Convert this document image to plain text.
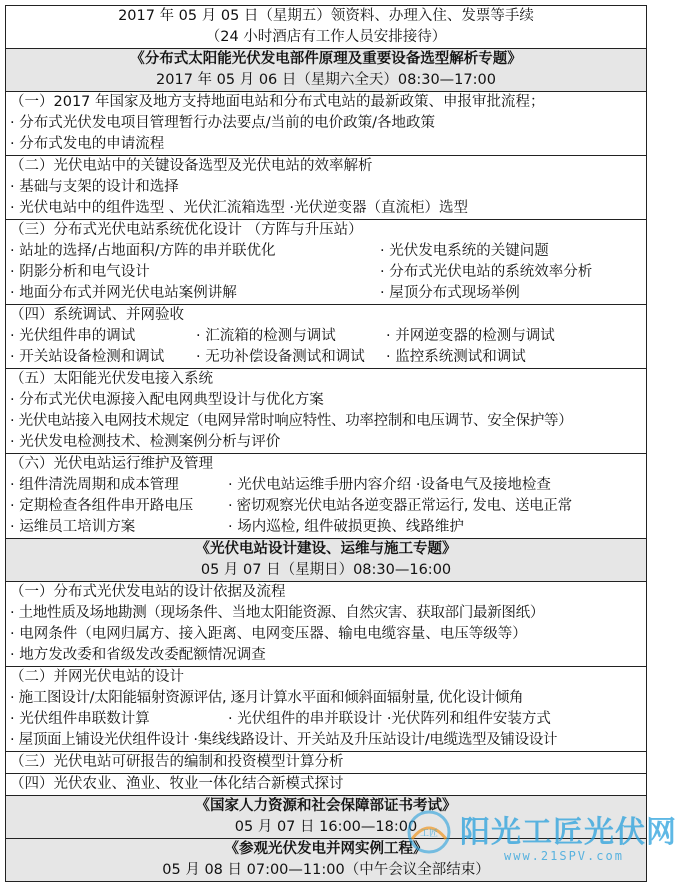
2017 年 05 月 05 日（星期五）领资料、办理入住、发票等手续
（24 小时酒店有工作人员安排接待）
《分布式太阳能光伏发电部件原理及重要设备选型解析专题》
2017 年 05 月 06 日（星期六全天）08:30—17:00
（一）2017 年国家及地方支持地面电站和分布式电站的最新政策、申报审批流程；
· 分布式光伏发电项目管理暂行办法要点/当前的电价政策/各地政策
· 分布式发电的申请流程
（二）光伏电站中的关键设备选型及光伏电站的效率解析
· 基础与支架的设计和选择
· 光伏电站中的组件选型 、光伏汇流箱选型 ·光伏逆变器（直流柜）选型
（三）分布式光伏电站系统优化设计 （方阵与升压站）
· 站址的选择/占地面积/方阵的串并联优化	· 光伏发电系统的关键问题
· 阴影分析和电气设计	· 分布式光伏电站的系统效率分析
· 地面分布式并网光伏电站案例讲解	· 屋顶分布式现场举例
（四）系统调试、并网验收
· 光伏组件串的调试	· 汇流箱的检测与调试	· 并网逆变器的检测与调试
· 开关站设备检测和调试	· 无功补偿设备测试和调试	· 监控系统测试和调试
（五）太阳能光伏发电接入系统
· 分布式光伏电源接入配电网典型设计与优化方案
· 光伏电站接入电网技术规定（电网异常时响应特性、功率控制和电压调节、安全保护等）
· 光伏发电检测技术、检测案例分析与评价
（六）光伏电站运行维护及管理
· 组件清洗周期和成本管理	· 光伏电站运维手册内容介绍 ·设备电气及接地检查
· 定期检查各组件串开路电压	· 密切观察光伏电站各逆变器正常运行, 发电、送电正常
· 运维员工培训方案	· 场内巡检, 组件破损更换、线路维护
《光伏电站设计建设、运维与施工专题》
05 月 07 日（星期日）08:30—16:00
（一）分布式光伏发电站的设计依据及流程
· 土地性质及场地勘测（现场条件、当地太阳能资源、自然灾害、获取部门最新图纸）
· 电网条件（电网归属方、接入距离、电网变压器、输电电缆容量、电压等级等）
· 地方发改委和省级发改委配额情况调查
（二）并网光伏电站的设计
· 施工图设计/太阳能辐射资源评估, 逐月计算水平面和倾斜面辐射量, 优化设计倾角
· 光伏组件串联数计算	· 光伏组件的串并联设计 ·光伏阵列和组件安装方式
· 屋顶面上铺设光伏组件设计 ·集线线路设计、开关站及升压站设计/电缆选型及铺设设计
（三）光伏电站可研报告的编制和投资模型计算分析
（四）光伏农业、渔业、牧业一体化结合新模式探讨
《国家人力资源和社会保障部证书考试》
05 月 07 日 16:00—18:00
《参观光伏发电并网实例工程》
05 月 08 日 07:00—11:00（中午会议全部结束）
工匠 阳光工匠光伏网
www.21SPV.com
